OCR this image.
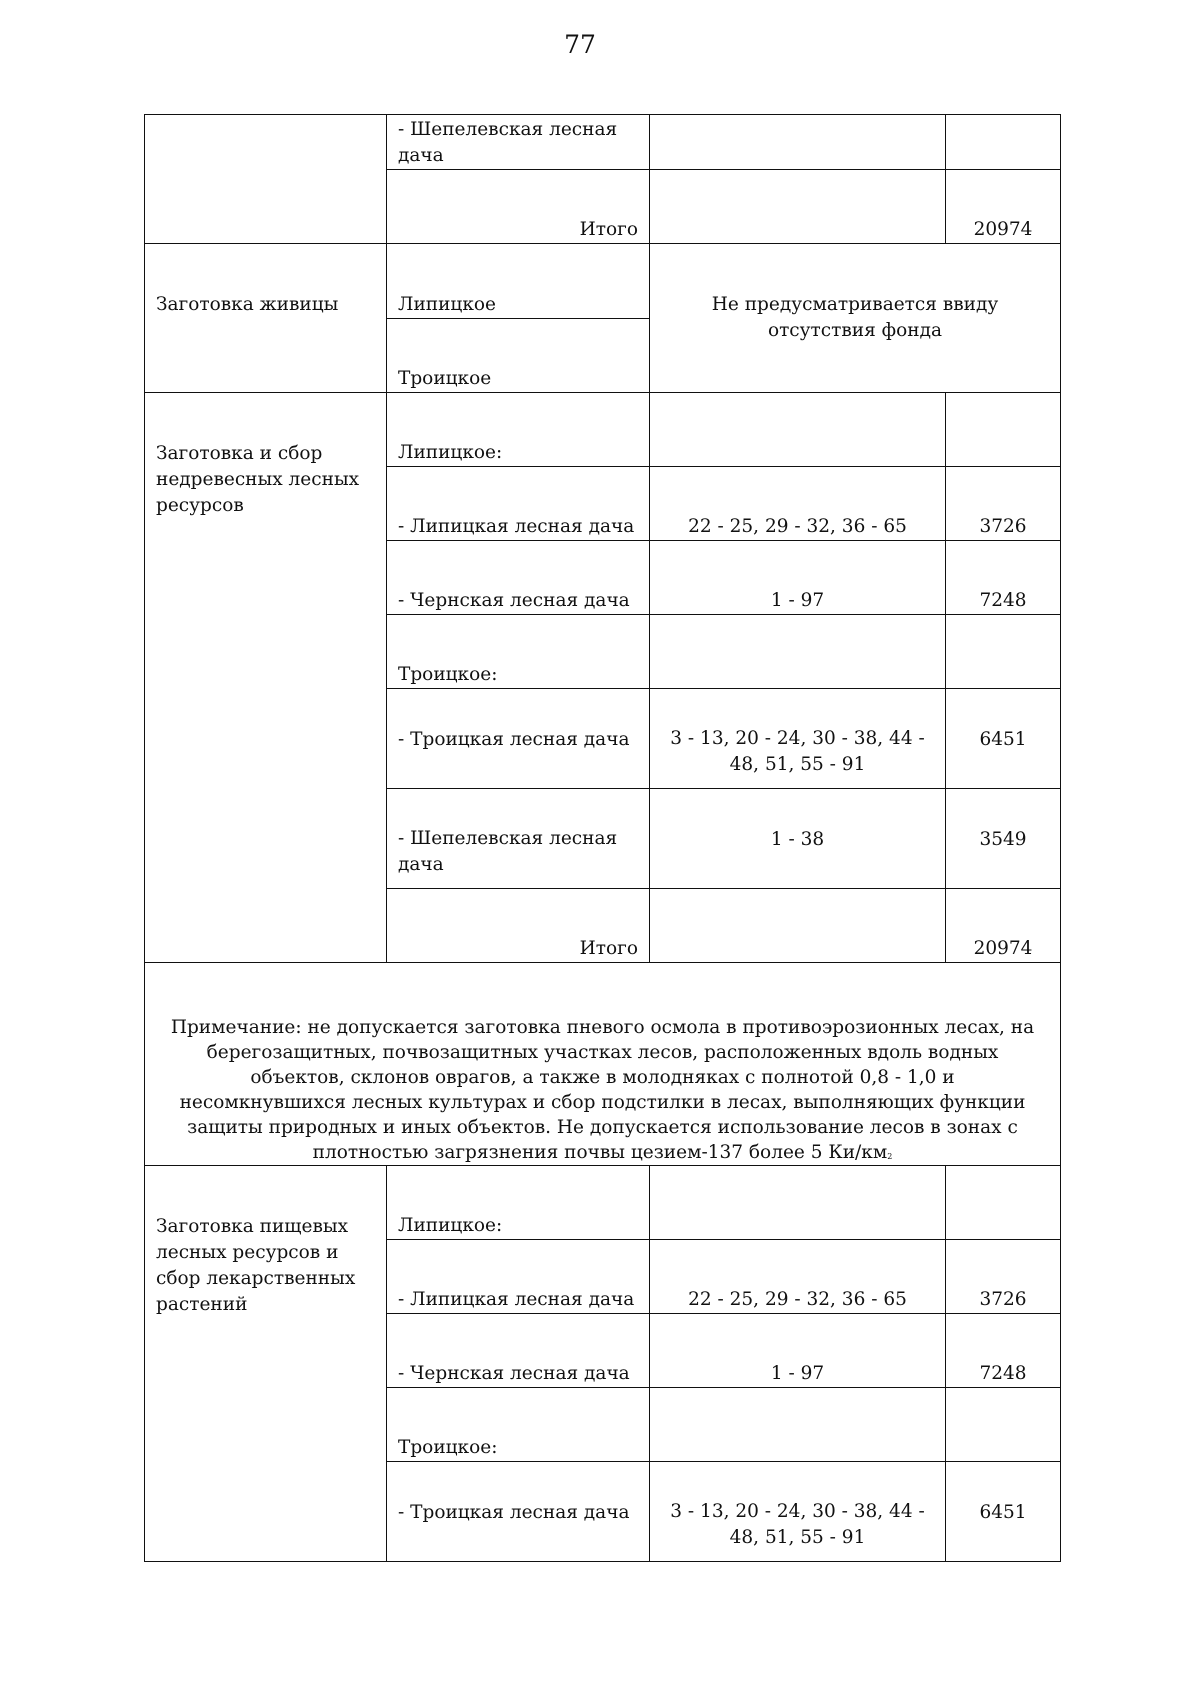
77
	- Шепелевская лесная дача		
	Итого		20974
Заготовка живицы	Липицкое	Не предусматривается ввиду отсутствия фонда	
	Троицкое		
Заготовка и сбор недревесных лесных ресурсов	Липицкое:		
	- Липицкая лесная дача	22 - 25, 29 - 32, 36 - 65	3726
	- Чернская лесная дача	1 - 97	7248
	Троицкое:		
	- Троицкая лесная дача	3 - 13, 20 - 24, 30 - 38, 44 - 48, 51, 55 - 91	6451
	- Шепелевская лесная дача	1 - 38	3549
	Итого		20974
Примечание: не допускается заготовка пневого осмола в противоэрозионных лесах, на берегозащитных, почвозащитных участках лесов, расположенных вдоль водных объектов, склонов оврагов, а также в молодняках с полнотой 0,8 - 1,0 и несомкнувшихся лесных культурах и сбор подстилки в лесах, выполняющих функции защиты природных и иных объектов. Не допускается использование лесов в зонах с плотностью загрязнения почвы цезием-137 более 5 $Ки/км^2$
Заготовка пищевых лесных ресурсов и сбор лекарственных растений	Липицкое:		
	- Липицкая лесная дача	22 - 25, 29 - 32, 36 - 65	3726
	- Чернская лесная дача	1 - 97	7248
	Троицкое:		
	- Троицкая лесная дача	3 - 13, 20 - 24, 30 - 38, 44 - 48, 51, 55 - 91	6451
